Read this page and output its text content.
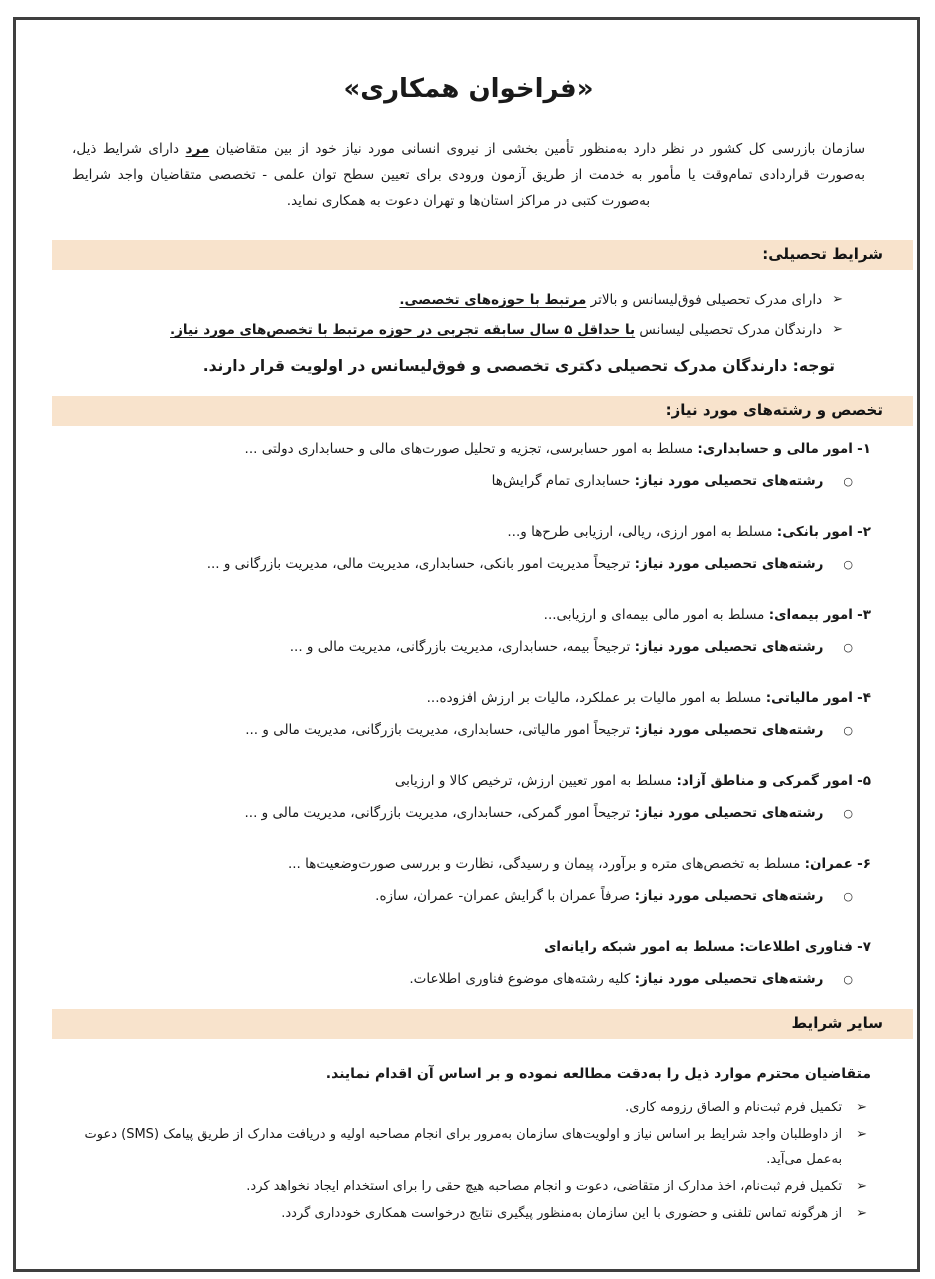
«فراخوان همکاری»

سازمان بازرسی کل کشور در نظر دارد به‌منظور تأمین بخشی از نیروی انسانی مورد نیاز خود از بین متقاضیان مرد دارای شرایط ذیل، به‌صورت قراردادی تمام‌وقت یا مأمور به خدمت از طریق آزمون ورودی برای تعیین سطح توان علمی - تخصصی متقاضیان واجد شرایط به‌صورت کتبی در مراکز استان‌ها و تهران دعوت به همکاری نماید.

شرایط تحصیلی:
➢
دارای مدرک تحصیلی فوق‌لیسانس و بالاتر مرتبط با حوزه‌های تخصصی.
➢
دارندگان مدرک تحصیلی لیسانس با حداقل ۵ سال سابقه تجربی در حوزه مرتبط با تخصص‌های مورد نیاز.

توجه: دارندگان مدرک تحصیلی دکتری تخصصی و فوق‌لیسانس در اولویت قرار دارند.

تخصص و رشته‌های مورد نیاز:
۱- امور مالی و حسابداری: مسلط به امور حسابرسی، تجزیه و تحلیل صورت‌های مالی و حسابداری دولتی ...
○
رشته‌های تحصیلی مورد نیاز: حسابداری تمام گرایش‌ها
۲- امور بانکی: مسلط به امور ارزی، ریالی، ارزیابی طرح‌ها و...
○
رشته‌های تحصیلی مورد نیاز: ترجیحاً مدیریت امور بانکی، حسابداری، مدیریت مالی، مدیریت بازرگانی و ...
۳- امور بیمه‌ای: مسلط به امور مالی بیمه‌ای و ارزیابی...
○
رشته‌های تحصیلی مورد نیاز: ترجیحاً بیمه، حسابداری، مدیریت بازرگانی، مدیریت مالی و ...
۴- امور مالیاتی: مسلط به امور مالیات بر عملکرد، مالیات بر ارزش افزوده...
○
رشته‌های تحصیلی مورد نیاز: ترجیحاً امور مالیاتی، حسابداری، مدیریت بازرگانی، مدیریت مالی و ...
۵- امور گمرکی و مناطق آزاد: مسلط به امور تعیین ارزش، ترخیص کالا و ارزیابی
○
رشته‌های تحصیلی مورد نیاز: ترجیحاً امور گمرکی، حسابداری، مدیریت بازرگانی، مدیریت مالی و ...
۶- عمران: مسلط به تخصص‌های متره و برآورد، پیمان و رسیدگی، نظارت و بررسی صورت‌وضعیت‌ها ...
○
رشته‌های تحصیلی مورد نیاز: صرفاً عمران با گرایش عمران- عمران، سازه.
۷- فناوری اطلاعات: مسلط به امور شبکه رایانه‌ای
○
رشته‌های تحصیلی مورد نیاز: کلیه رشته‌های موضوع فناوری اطلاعات.
سایر شرایط

متقاضیان محترم موارد ذیل را به‌دقت مطالعه نموده و بر اساس آن اقدام نمایند.

➢
تکمیل فرم ثبت‌نام و الصاق رزومه کاری.
➢
از داوطلبان واجد شرایط بر اساس نیاز و اولویت‌های سازمان به‌مرور برای انجام مصاحبه اولیه و دریافت مدارک از طریق پیامک (SMS) دعوت به‌عمل می‌آید.
➢
تکمیل فرم ثبت‌نام، اخذ مدارک از متقاضی، دعوت و انجام مصاحبه هیچ حقی را برای استخدام ایجاد نخواهد کرد.
➢
از هرگونه تماس تلفنی و حضوری با این سازمان به‌منظور پیگیری نتایج درخواست همکاری خودداری گردد.
